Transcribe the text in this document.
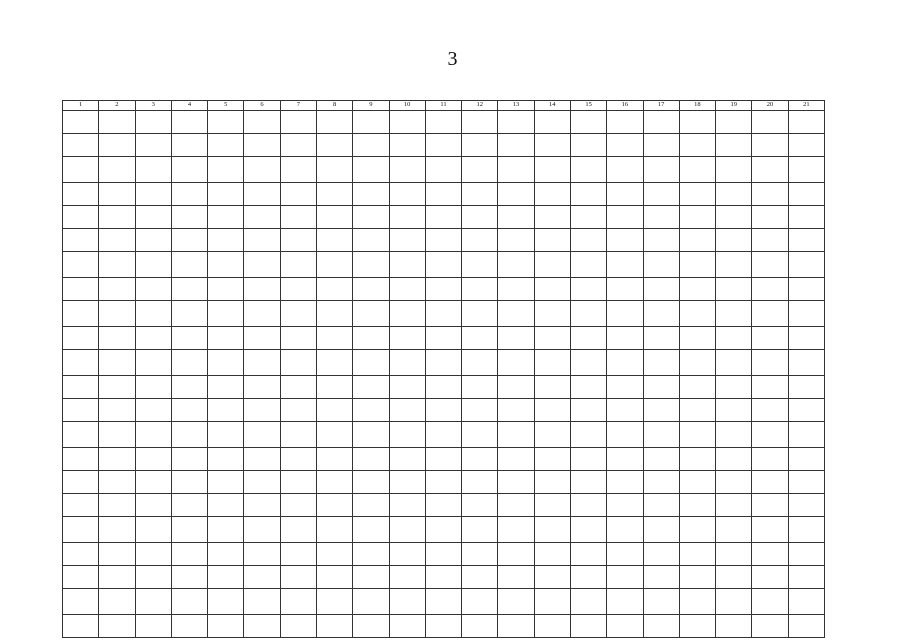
3
1	2	3	4	5	6	7	8	9	10	11	12	13	14	15	16	17	18	19	20	21
